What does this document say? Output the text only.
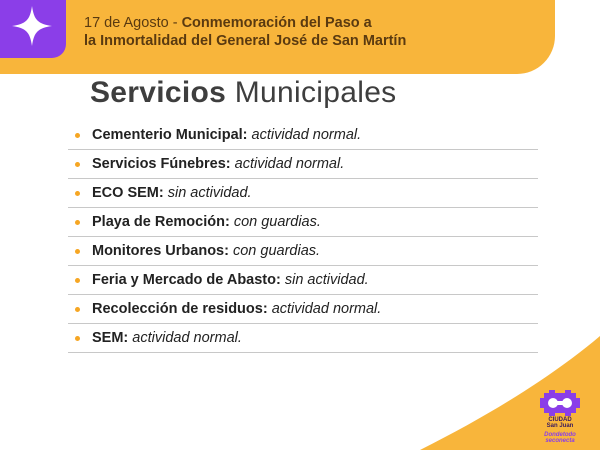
17 de Agosto - Conmemoración del Paso a
la Inmortalidad del General José de San Martín
Servicios Municipales
Cementerio Municipal: actividad normal.
Servicios Fúnebres: actividad normal.
ECO SEM: sin actividad.
Playa de Remoción: con guardias.
Monitores Urbanos: con guardias.
Feria y Mercado de Abasto: sin actividad.
Recolección de residuos: actividad normal.
SEM: actividad normal.
CIUDAD
San Juan
Dondetodo
seconecta
